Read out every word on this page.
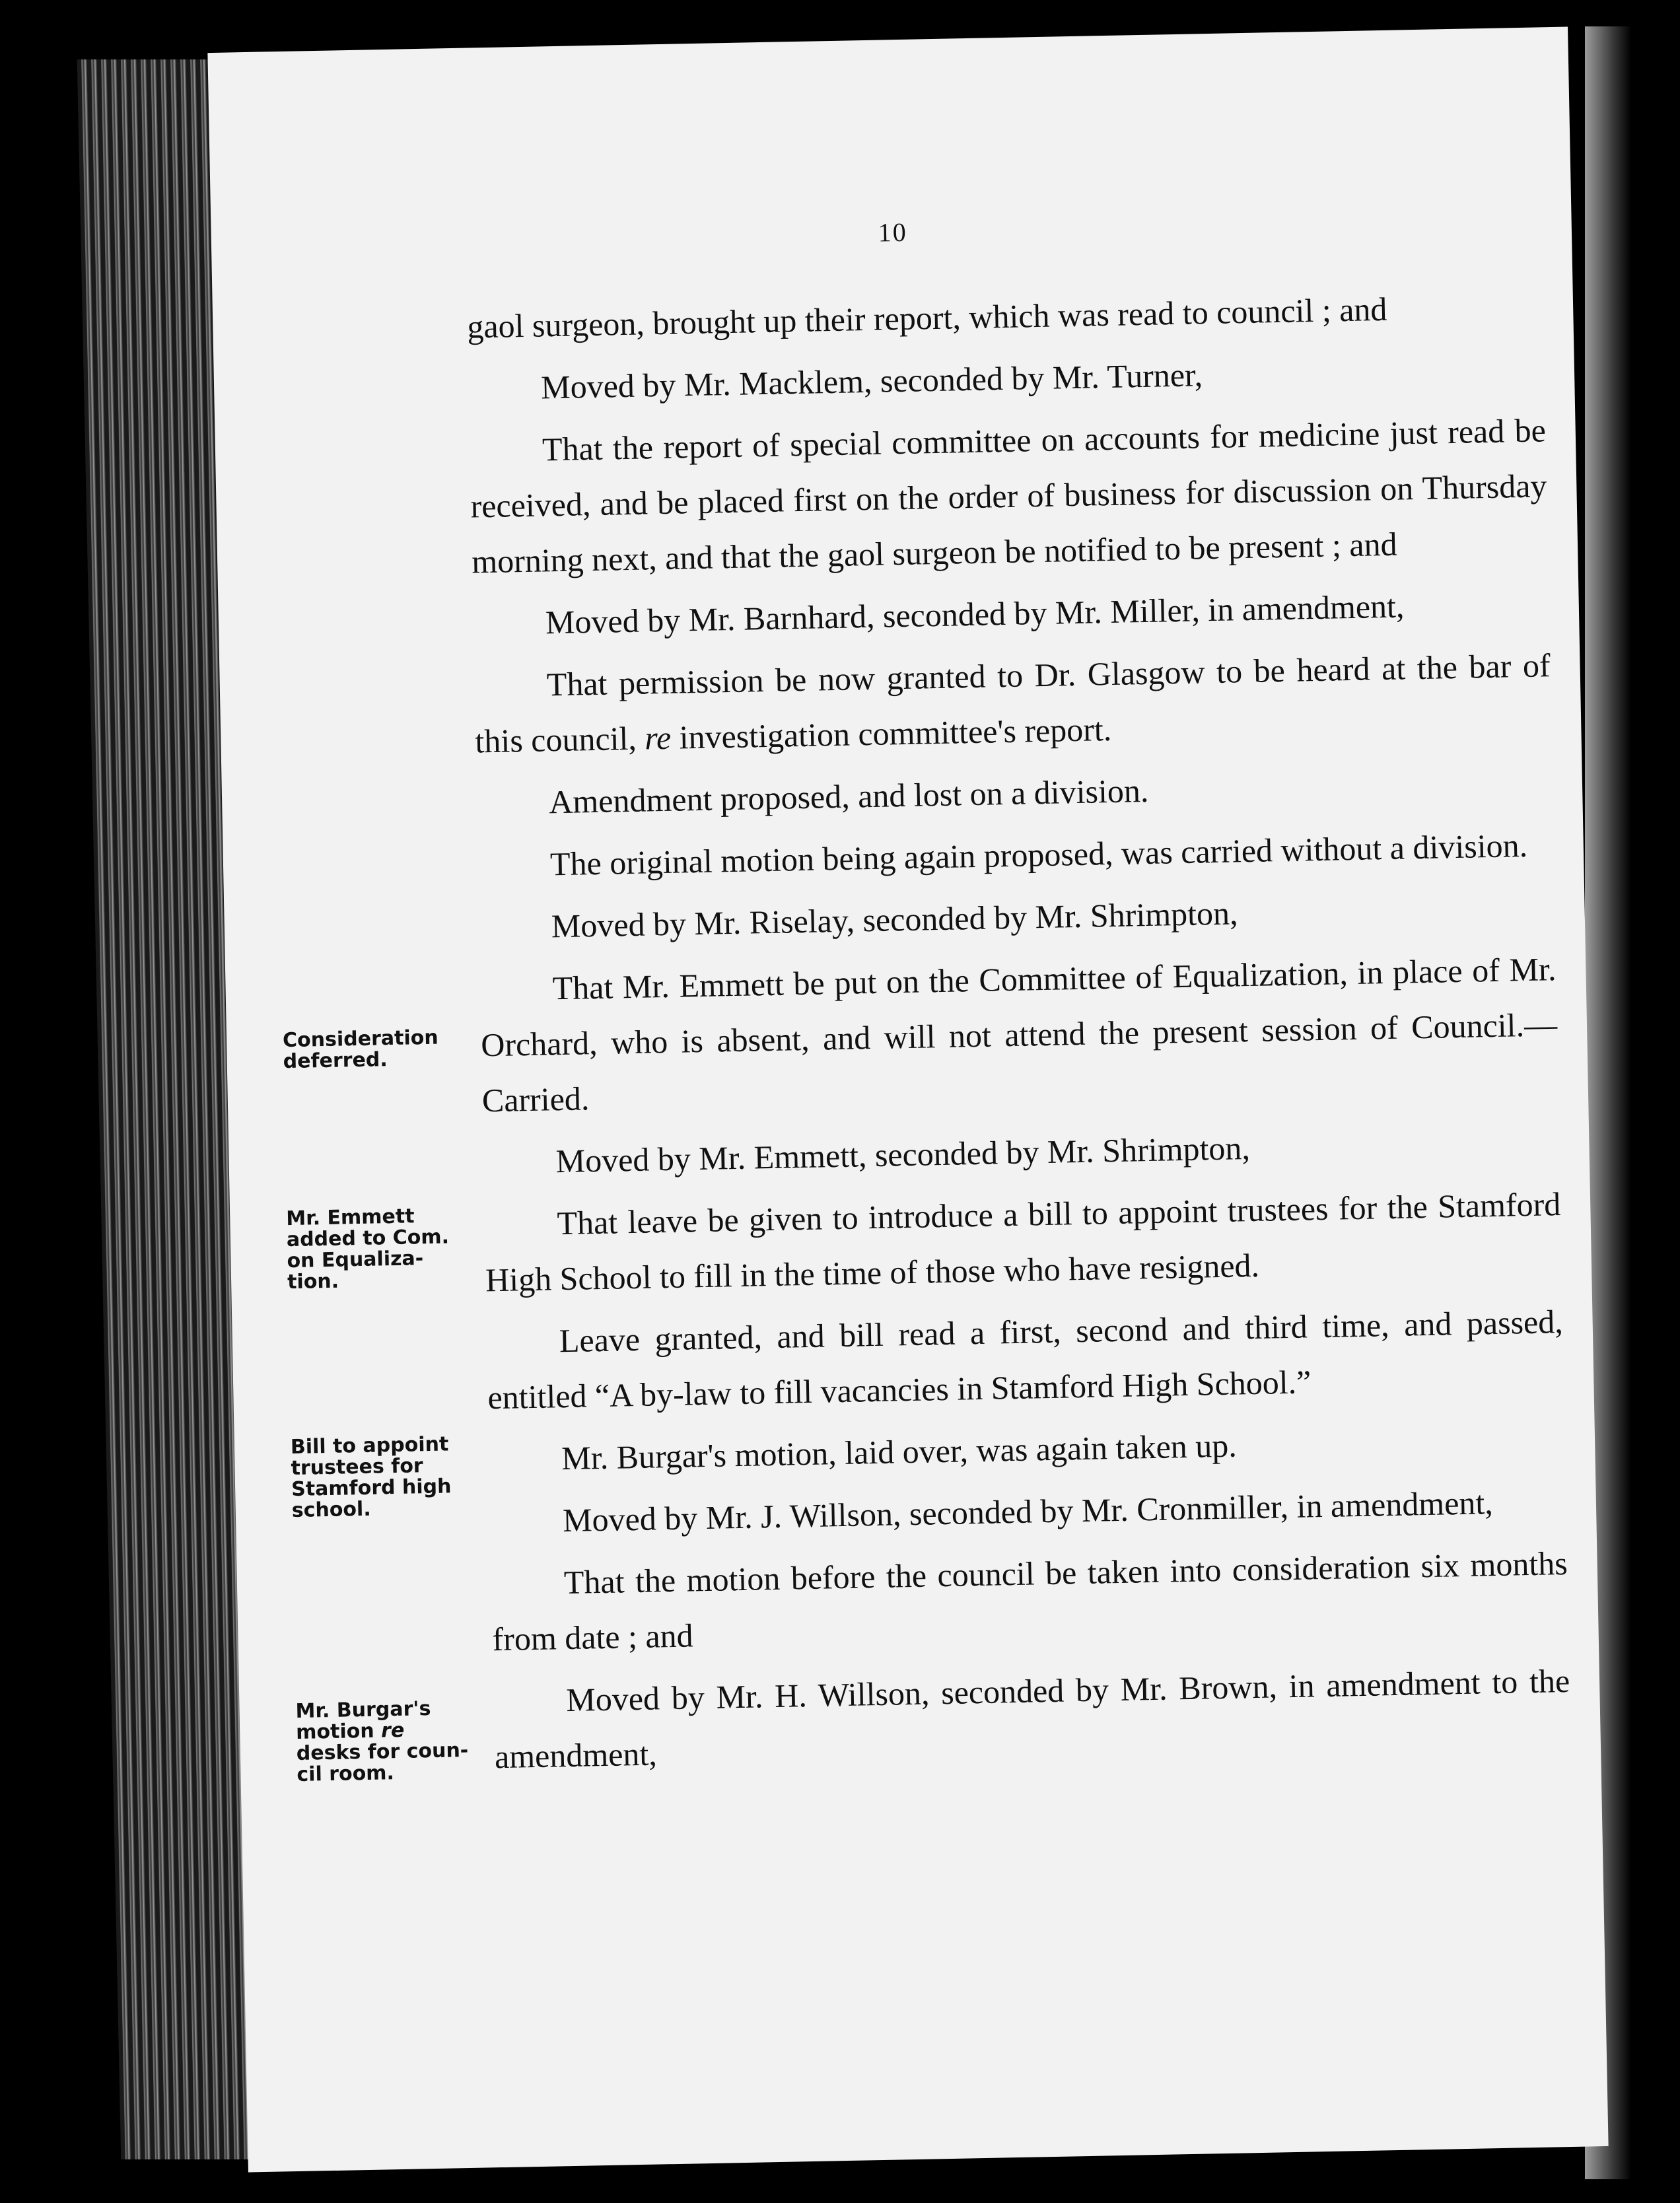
10

gaol surgeon, brought up their report, which was read to council ; and

Moved by Mr. Macklem, seconded by Mr. Turner,

That the report of special committee on accounts for medicine just read be received, and be placed first on the order of business for discussion on Thursday morning next, and that the gaol surgeon be notified to be present ; and

Moved by Mr. Barnhard, seconded by Mr. Miller, in amendment,

That permission be now granted to Dr. Glasgow to be heard at the bar of this council, re investigation committee's report.

Amendment proposed, and lost on a division.

The original motion being again proposed, was carried without a division.

Moved by Mr. Riselay, seconded by Mr. Shrimpton,

That Mr. Emmett be put on the Committee of Equalization, in place of Mr. Orchard, who is absent, and will not attend the present session of Council.—Carried.

Moved by Mr. Emmett, seconded by Mr. Shrimpton,

That leave be given to introduce a bill to appoint trustees for the Stamford High School to fill in the time of those who have resigned.

Leave granted, and bill read a first, second and third time, and passed, entitled “A by-law to fill vacancies in Stamford High School.”

Mr. Burgar's motion, laid over, was again taken up.

Moved by Mr. J. Willson, seconded by Mr. Cronmiller, in amendment,

That the motion before the council be taken into consideration six months from date ; and

Moved by Mr. H. Willson, seconded by Mr. Brown, in amendment to the amendment,

Consideration
deferred.
Mr. Emmett
added to Com.
on Equaliza-
tion.
Bill to appoint
trustees for
Stamford high
school.
Mr. Burgar's
motion re
desks for coun-
cil room.
